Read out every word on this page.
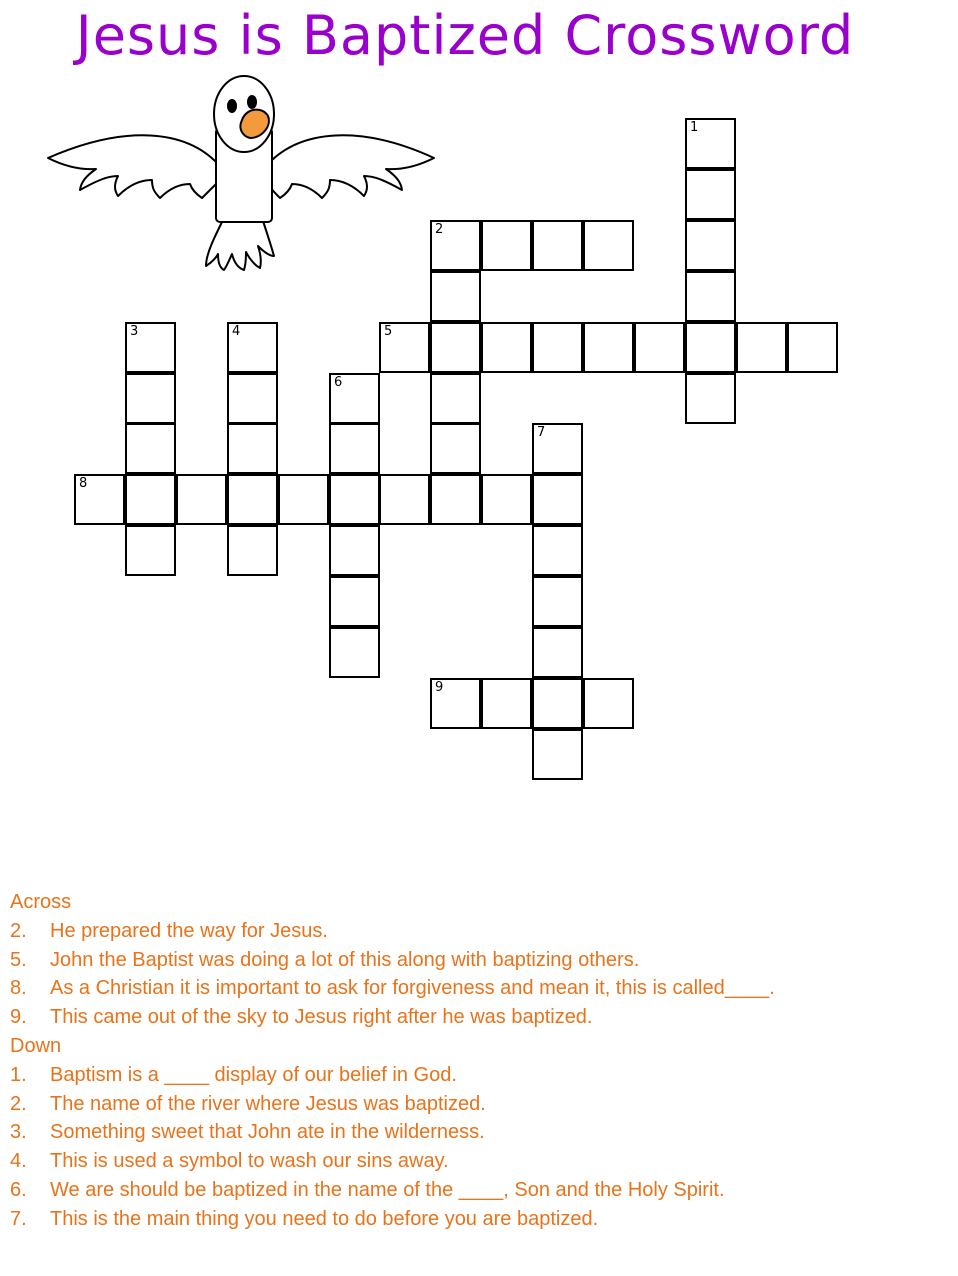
Jesus is Baptized Crossword
1
2
3	4	5
6
7
8
9
Across
2. He prepared the way for Jesus.
5. John the Baptist was doing a lot of this along with baptizing others.
8. As a Christian it is important to ask for forgiveness and mean it, this is called____.
9. This came out of the sky to Jesus right after he was baptized.
Down
1. Baptism is a ____ display of our belief in God.
2. The name of the river where Jesus was baptized.
3. Something sweet that John ate in the wilderness.
4. This is used a symbol to wash our sins away.
6. We are should be baptized in the name of the ____, Son and the Holy Spirit.
7. This is the main thing you need to do before you are baptized.
